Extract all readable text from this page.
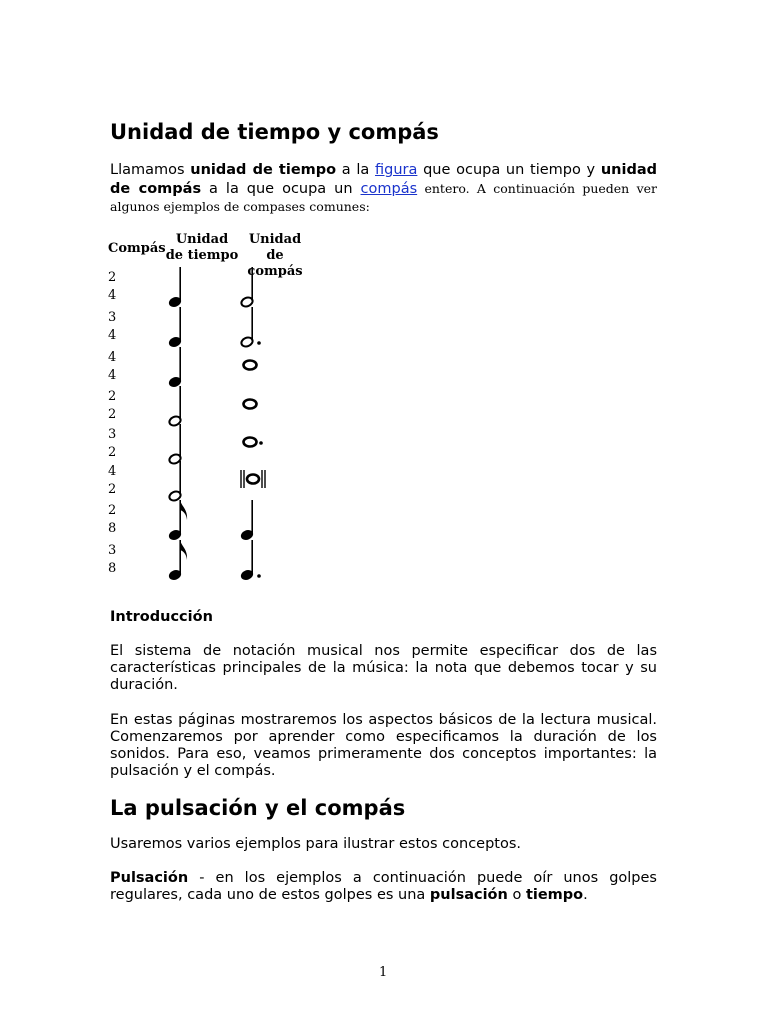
Unidad de tiempo y compás

Llamamos unidad de tiempo a la figura que ocupa un tiempo y unidad de compás a la que ocupa un compás entero. A continuación pueden ver algunos ejemplos de compases comunes:

Compás
Unidad de tiempo
Unidad de compás
2
4
3
4
4
4
2
2
3
2
4
2
2
8
3
8
Introducción

El sistema de notación musical nos permite especificar dos de las características principales de la música: la nota que debemos tocar y su duración.

En estas páginas mostraremos los aspectos básicos de la lectura musical. Comenzaremos por aprender como especificamos la duración de los sonidos. Para eso, veamos primeramente dos conceptos importantes: la pulsación y el compás.

La pulsación y el compás

Usaremos varios ejemplos para ilustrar estos conceptos.

Pulsación - en los ejemplos a continuación puede oír unos golpes regulares, cada uno de estos golpes es una pulsación o tiempo.

1
